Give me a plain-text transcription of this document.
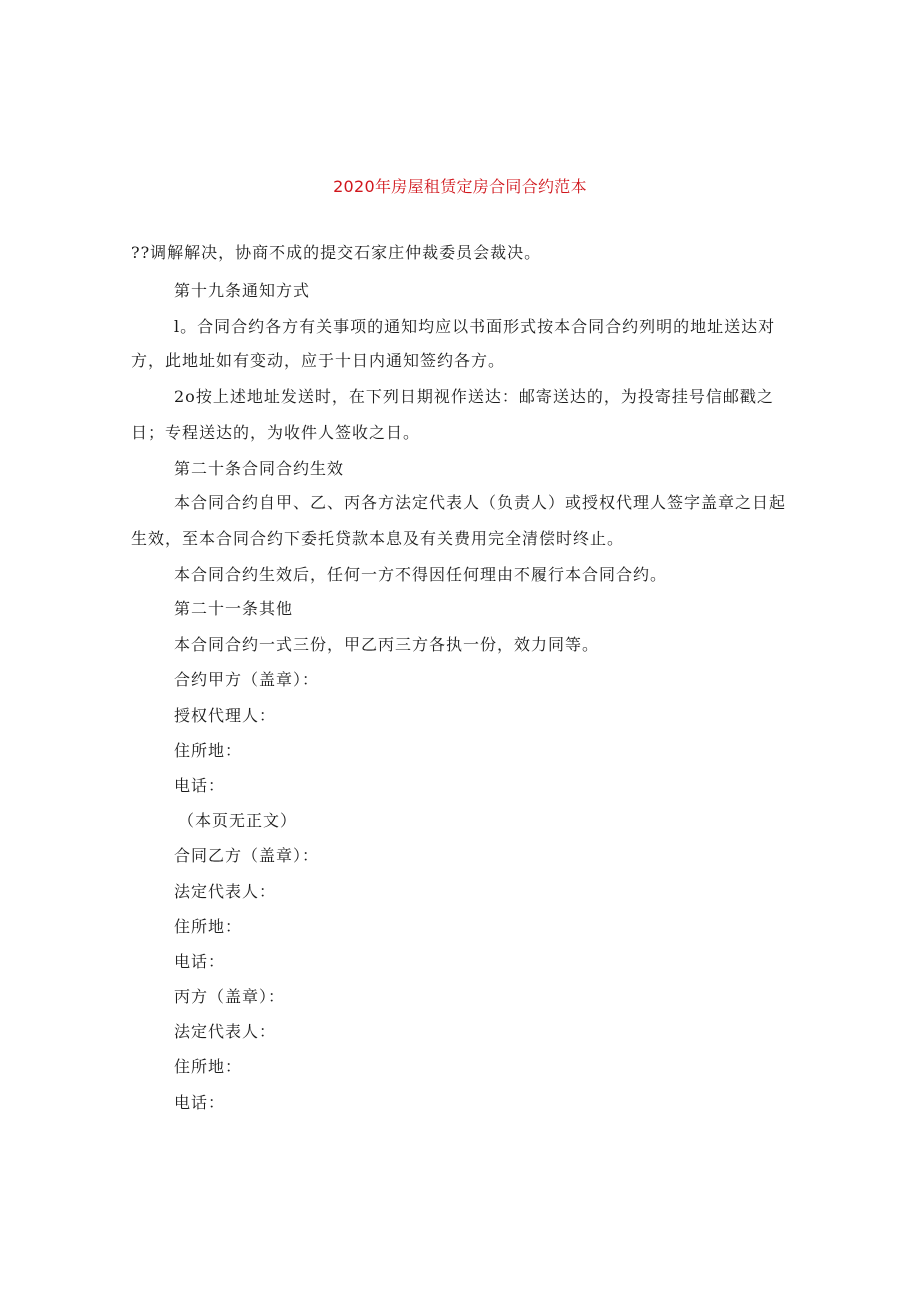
2020年房屋租赁定房合同合约范本
??调解解决，协商不成的提交石家庄仲裁委员会裁决。
第十九条通知方式
l。合同合约各方有关事项的通知均应以书面形式按本合同合约列明的地址送达对
方，此地址如有变动，应于十日内通知签约各方。
2o按上述地址发送时，在下列日期视作送达：邮寄送达的，为投寄挂号信邮戳之
日；专程送达的，为收件人签收之日。
第二十条合同合约生效
本合同合约自甲、乙、丙各方法定代表人（负责人）或授权代理人签字盖章之日起
生效，至本合同合约下委托贷款本息及有关费用完全清偿时终止。
本合同合约生效后，任何一方不得因任何理由不履行本合同合约。
第二十一条其他
本合同合约一式三份，甲乙丙三方各执一份，效力同等。
合约甲方（盖章）：
授权代理人：
住所地：
电话：
（本页无正文）
合同乙方（盖章）：
法定代表人：
住所地：
电话：
丙方（盖章）：
法定代表人：
住所地：
电话：
